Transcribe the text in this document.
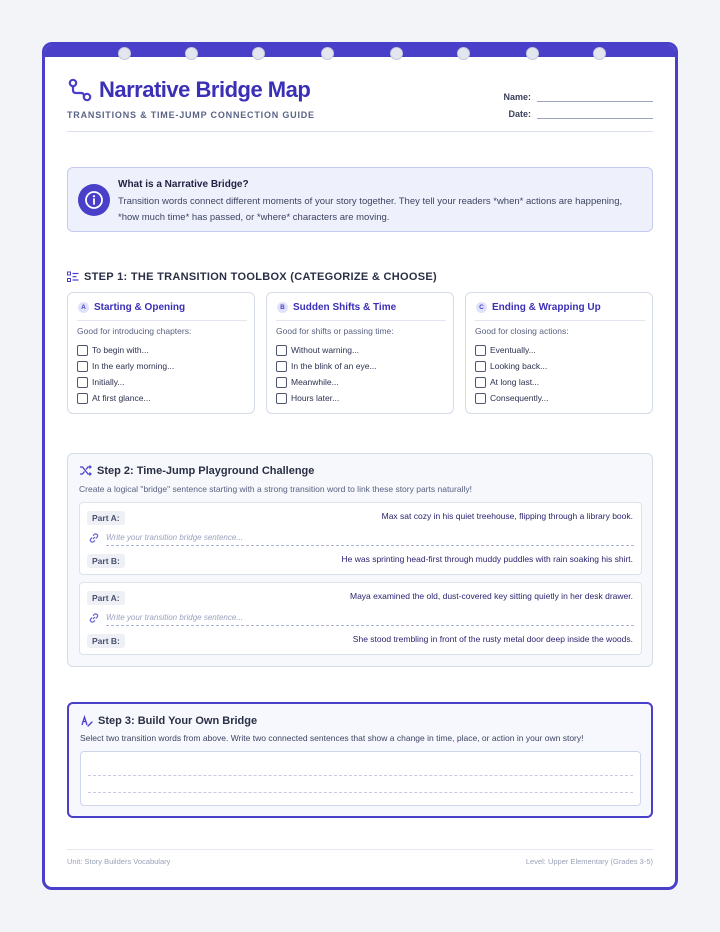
Narrative Bridge Map
TRANSITIONS & TIME-JUMP CONNECTION GUIDE
Name:
Date:
What is a Narrative Bridge?
Transition words connect different moments of your story together. They tell your readers *when* actions are happening, *how much time* has passed, or *where* characters are moving.
STEP 1: THE TRANSITION TOOLBOX (CATEGORIZE & CHOOSE)
A Starting & Opening
Good for introducing chapters:
To begin with...
In the early morning...
Initially...
At first glance...
B Sudden Shifts & Time
Good for shifts or passing time:
Without warning...
In the blink of an eye...
Meanwhile...
Hours later...
C Ending & Wrapping Up
Good for closing actions:
Eventually...
Looking back...
At long last...
Consequently...
Step 2: Time-Jump Playground Challenge
Create a logical "bridge" sentence starting with a strong transition word to link these story parts naturally!
Part A:	Max sat cozy in his quiet treehouse, flipping through a library book.
Write your transition bridge sentence...
Part B:	He was sprinting head-first through muddy puddles with rain soaking his shirt.
Part A:	Maya examined the old, dust-covered key sitting quietly in her desk drawer.
Write your transition bridge sentence...
Part B:	She stood trembling in front of the rusty metal door deep inside the woods.
Step 3: Build Your Own Bridge
Select two transition words from above. Write two connected sentences that show a change in time, place, or action in your own story!
Unit: Story Builders Vocabulary	Level: Upper Elementary (Grades 3-5)
